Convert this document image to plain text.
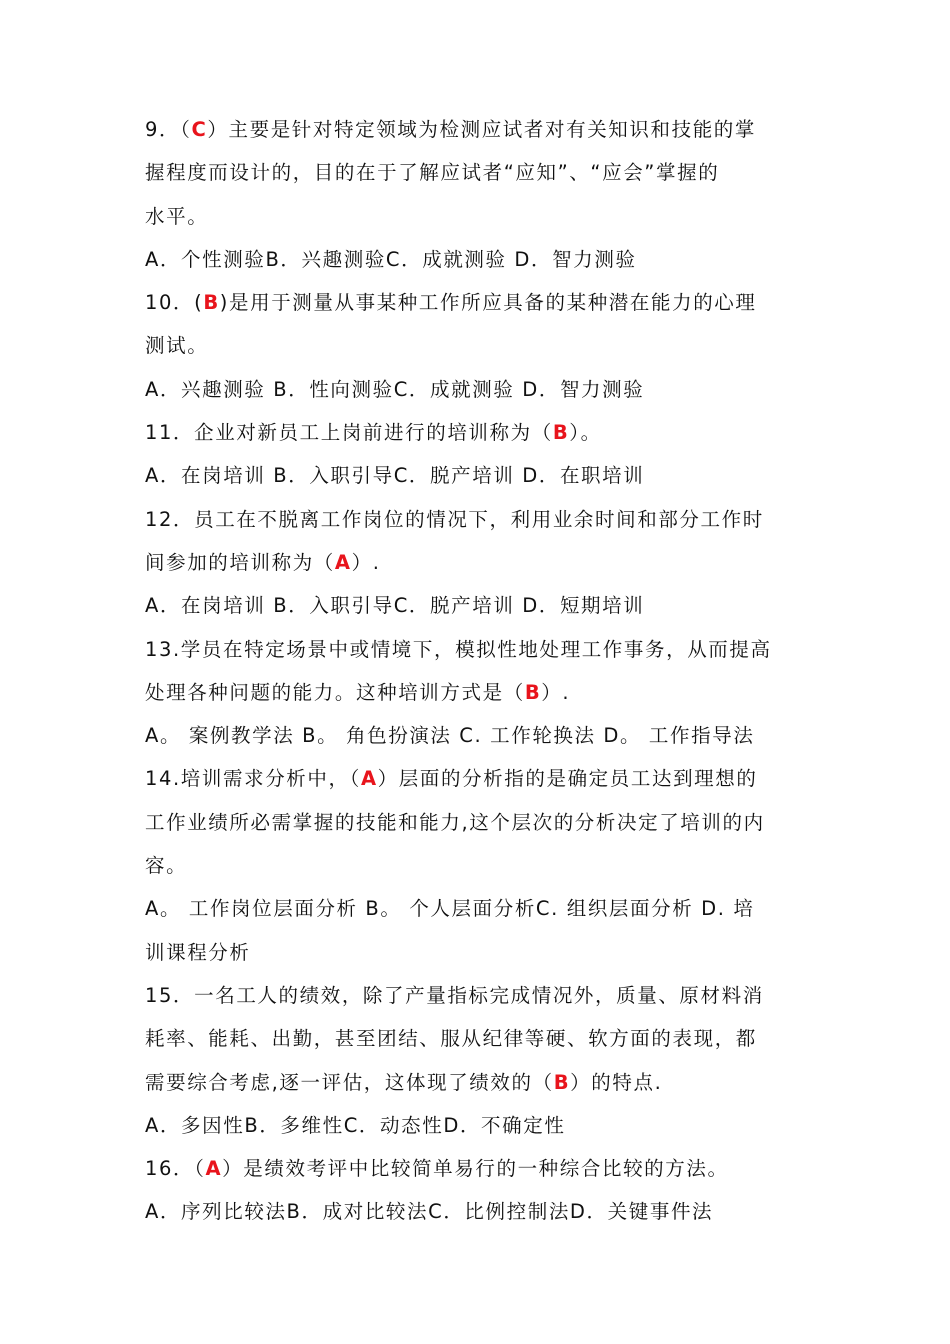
9．（C）主要是针对特定领域为检测应试者对有关知识和技能的掌
握程度而设计的，目的在于了解应试者“应知”、“应会”掌握的
水平。
A．个性测验B．兴趣测验C．成就测验 D．智力测验
10．(B)是用于测量从事某种工作所应具备的某种潜在能力的心理
测试。
A．兴趣测验 B．性向测验C．成就测验 D．智力测验
11．企业对新员工上岗前进行的培训称为（B）。
A．在岗培训 B．入职引导C．脱产培训 D．在职培训
12．员工在不脱离工作岗位的情况下，利用业余时间和部分工作时
间参加的培训称为（A）.
A．在岗培训 B．入职引导C．脱产培训 D．短期培训
13.学员在特定场景中或情境下，模拟性地处理工作事务，从而提高
处理各种问题的能力。这种培训方式是（B）.
A。 案例教学法 B。 角色扮演法 C. 工作轮换法 D。 工作指导法
14.培训需求分析中，（A）层面的分析指的是确定员工达到理想的
工作业绩所必需掌握的技能和能力,这个层次的分析决定了培训的内
容。
A。 工作岗位层面分析 B。 个人层面分析C. 组织层面分析 D. 培
训课程分析
15．一名工人的绩效，除了产量指标完成情况外，质量、原材料消
耗率、能耗、出勤，甚至团结、服从纪律等硬、软方面的表现，都
需要综合考虑,逐一评估，这体现了绩效的（B）的特点.
A．多因性B．多维性C．动态性D．不确定性
16．（A）是绩效考评中比较简单易行的一种综合比较的方法。
A．序列比较法B．成对比较法C．比例控制法D．关键事件法
